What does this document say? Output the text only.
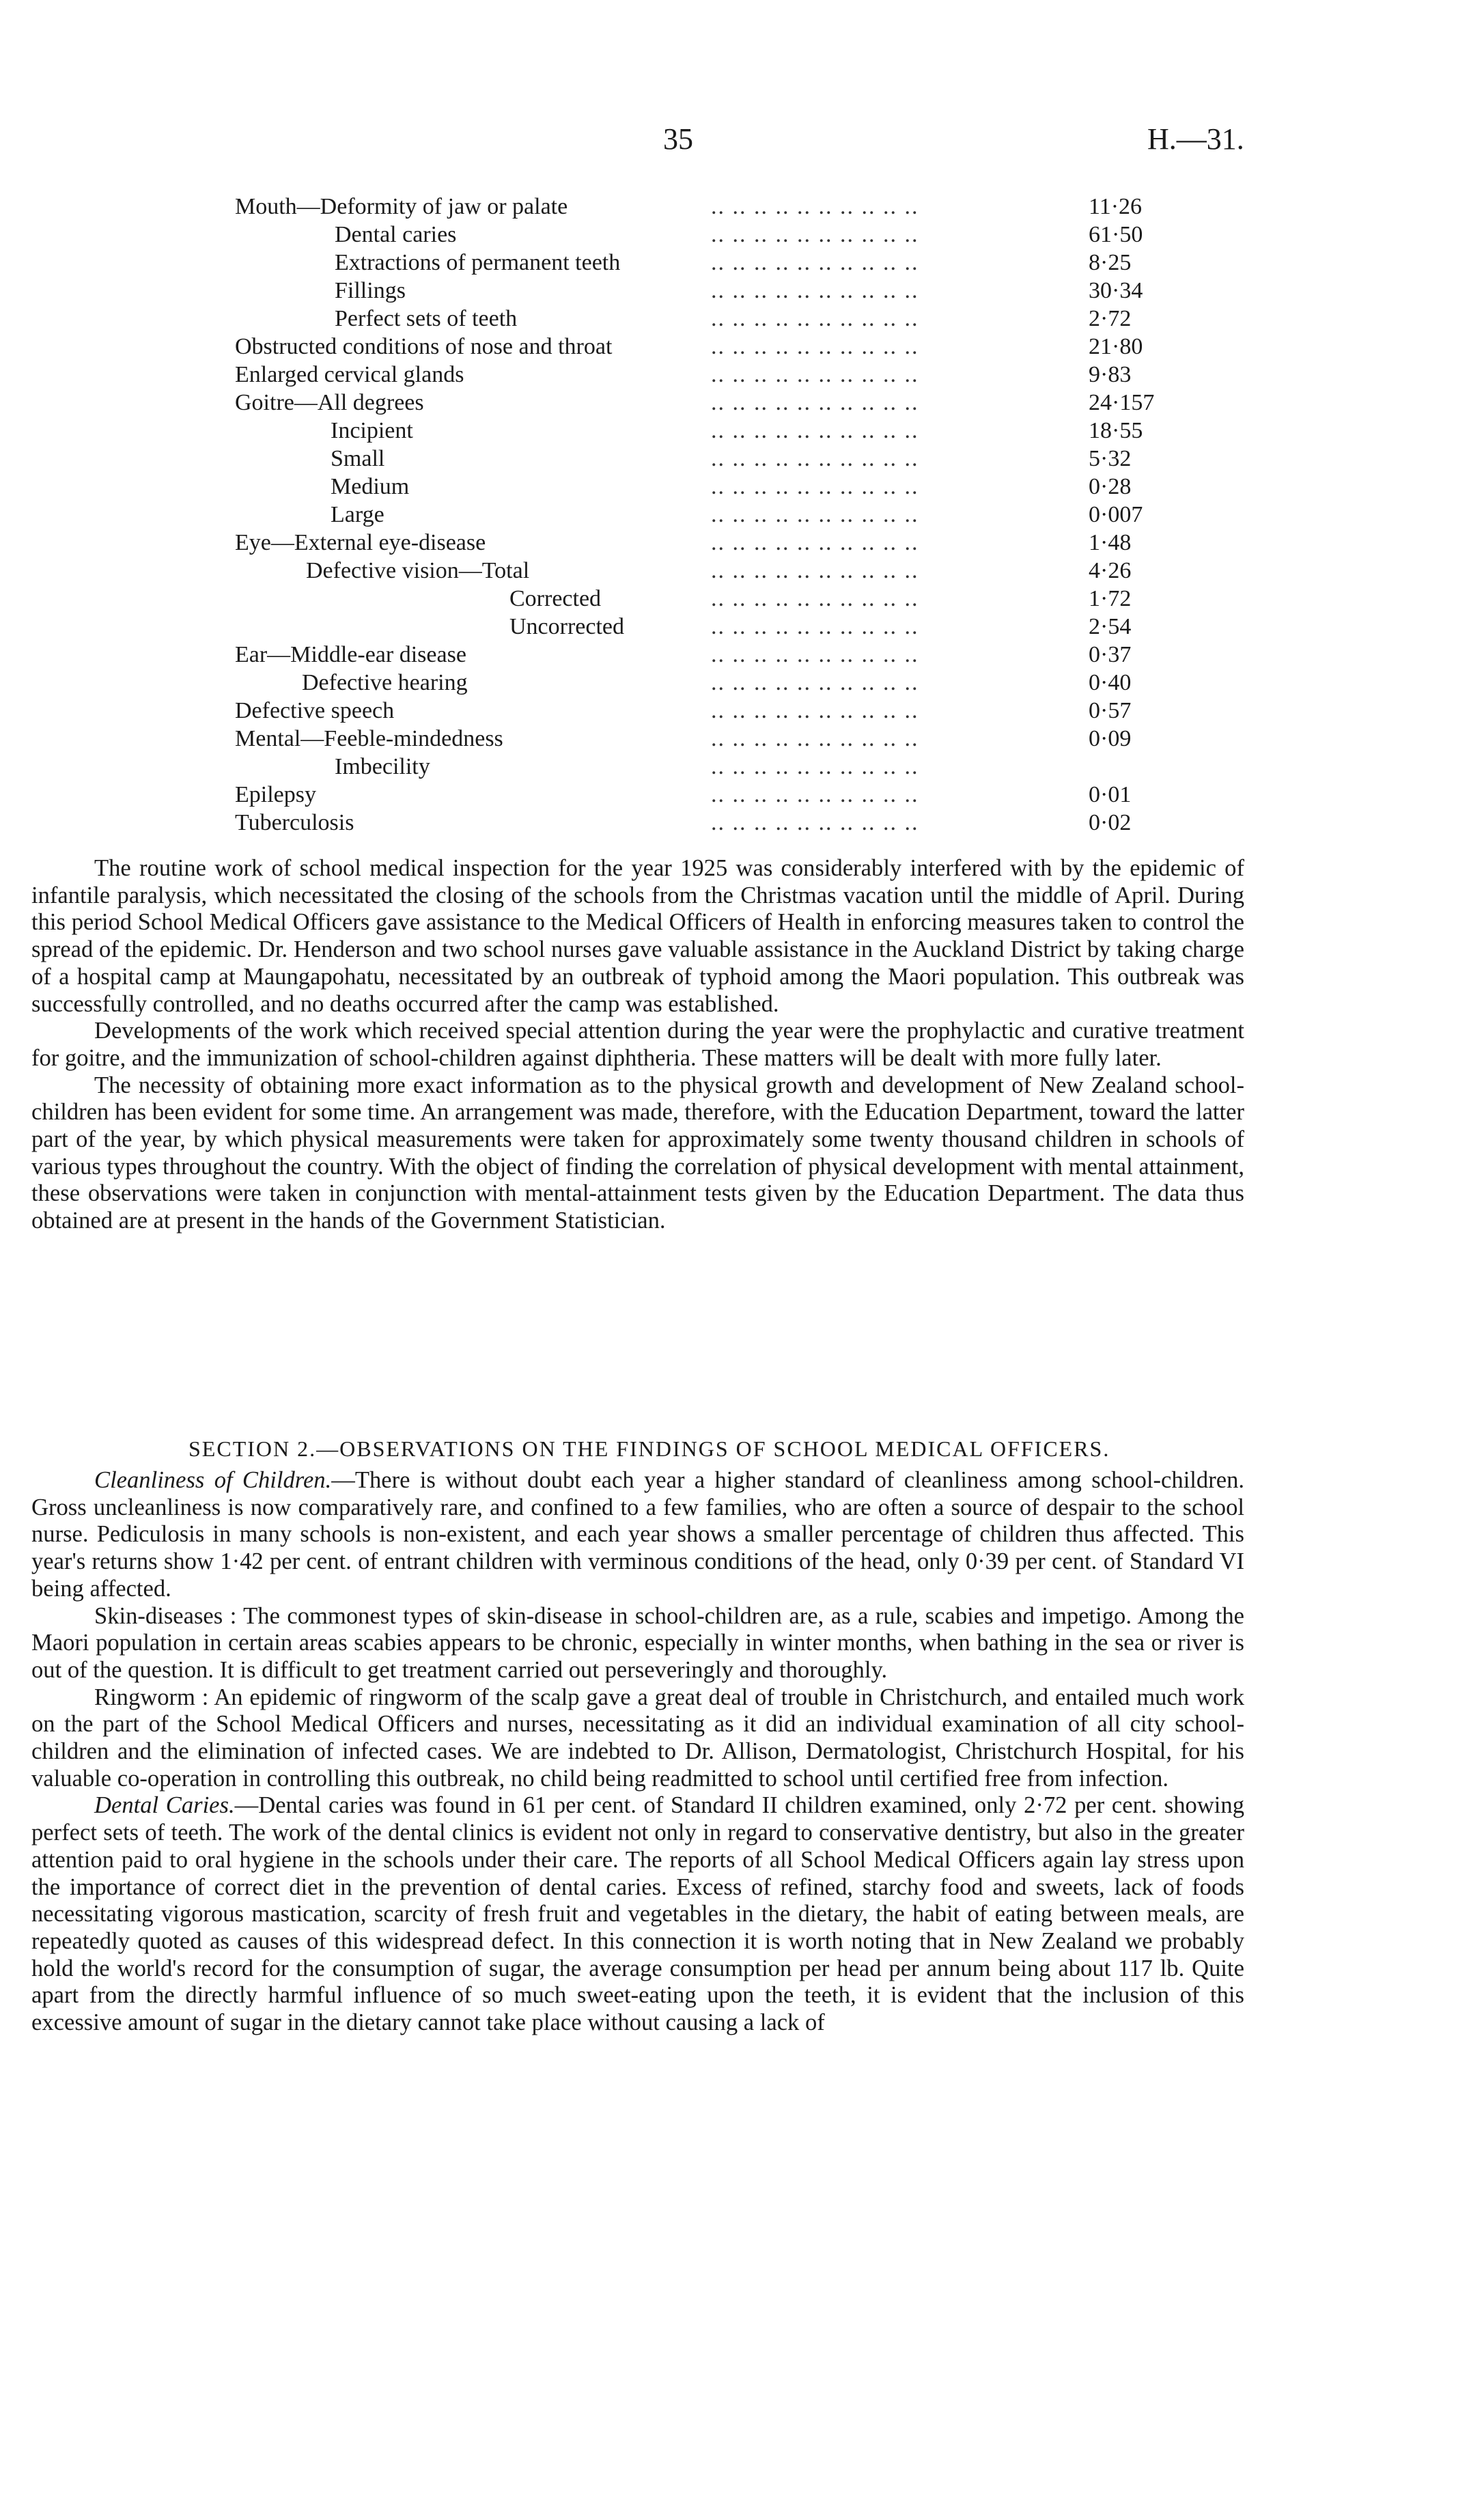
35	H.—31.
Mouth—Deformity of jaw or palate	.. .. .. .. .. .. .. .. .. ..	11·26
Dental caries	.. .. .. .. .. .. .. .. .. ..	61·50
Extractions of permanent teeth	.. .. .. .. .. .. .. .. .. ..	8·25
Fillings	.. .. .. .. .. .. .. .. .. ..	30·34
Perfect sets of teeth	.. .. .. .. .. .. .. .. .. ..	2·72
Obstructed conditions of nose and throat	.. .. .. .. .. .. .. .. .. ..	21·80
Enlarged cervical glands	.. .. .. .. .. .. .. .. .. ..	9·83
Goitre—All degrees	.. .. .. .. .. .. .. .. .. ..	24·157
Incipient	.. .. .. .. .. .. .. .. .. ..	18·55
Small	.. .. .. .. .. .. .. .. .. ..	5·32
Medium	.. .. .. .. .. .. .. .. .. ..	0·28
Large	.. .. .. .. .. .. .. .. .. ..	0·007
Eye—External eye-disease	.. .. .. .. .. .. .. .. .. ..	1·48
Defective vision—Total	.. .. .. .. .. .. .. .. .. ..	4·26
Corrected	.. .. .. .. .. .. .. .. .. ..	1·72
Uncorrected	.. .. .. .. .. .. .. .. .. ..	2·54
Ear—Middle-ear disease	.. .. .. .. .. .. .. .. .. ..	0·37
Defective hearing	.. .. .. .. .. .. .. .. .. ..	0·40
Defective speech	.. .. .. .. .. .. .. .. .. ..	0·57
Mental—Feeble-mindedness	.. .. .. .. .. .. .. .. .. ..	0·09
Imbecility	.. .. .. .. .. .. .. .. .. ..
Epilepsy	.. .. .. .. .. .. .. .. .. ..	0·01
Tuberculosis	.. .. .. .. .. .. .. .. .. ..	0·02

The routine work of school medical inspection for the year 1925 was considerably interfered with by the epidemic of infantile paralysis, which necessitated the closing of the schools from the Christmas vacation until the middle of April. During this period School Medical Officers gave assistance to the Medical Officers of Health in enforcing measures taken to control the spread of the epidemic. Dr. Henderson and two school nurses gave valuable assistance in the Auckland District by taking charge of a hospital camp at Maungapohatu, necessitated by an outbreak of typhoid among the Maori population. This outbreak was successfully controlled, and no deaths occurred after the camp was established.

Developments of the work which received special attention during the year were the prophylactic and curative treatment for goitre, and the immunization of school-children against diphtheria. These matters will be dealt with more fully later.

The necessity of obtaining more exact information as to the physical growth and development of New Zealand school-children has been evident for some time. An arrangement was made, therefore, with the Education Department, toward the latter part of the year, by which physical measurements were taken for approximately some twenty thousand children in schools of various types throughout the country. With the object of finding the correlation of physical development with mental attainment, these observations were taken in conjunction with mental-attainment tests given by the Education Department. The data thus obtained are at present in the hands of the Government Statistician.

SECTION 2.—OBSERVATIONS ON THE FINDINGS OF SCHOOL MEDICAL OFFICERS.

Cleanliness of Children.—There is without doubt each year a higher standard of cleanliness among school-children. Gross uncleanliness is now comparatively rare, and confined to a few families, who are often a source of despair to the school nurse. Pediculosis in many schools is non-existent, and each year shows a smaller percentage of children thus affected. This year's returns show 1·42 per cent. of entrant children with verminous conditions of the head, only 0·39 per cent. of Standard VI being affected.

Skin-diseases : The commonest types of skin-disease in school-children are, as a rule, scabies and impetigo. Among the Maori population in certain areas scabies appears to be chronic, especially in winter months, when bathing in the sea or river is out of the question. It is difficult to get treatment carried out perseveringly and thoroughly.

Ringworm : An epidemic of ringworm of the scalp gave a great deal of trouble in Christchurch, and entailed much work on the part of the School Medical Officers and nurses, necessitating as it did an individual examination of all city school-children and the elimination of infected cases. We are indebted to Dr. Allison, Dermatologist, Christchurch Hospital, for his valuable co-operation in controlling this outbreak, no child being readmitted to school until certified free from infection.

Dental Caries.—Dental caries was found in 61 per cent. of Standard II children examined, only 2·72 per cent. showing perfect sets of teeth. The work of the dental clinics is evident not only in regard to conservative dentistry, but also in the greater attention paid to oral hygiene in the schools under their care. The reports of all School Medical Officers again lay stress upon the importance of correct diet in the prevention of dental caries. Excess of refined, starchy food and sweets, lack of foods necessitating vigorous mastication, scarcity of fresh fruit and vegetables in the dietary, the habit of eating between meals, are repeatedly quoted as causes of this widespread defect. In this connection it is worth noting that in New Zealand we probably hold the world's record for the consumption of sugar, the average consumption per head per annum being about 117 lb. Quite apart from the directly harmful influence of so much sweet-eating upon the teeth, it is evident that the inclusion of this excessive amount of sugar in the dietary cannot take place without causing a lack of
